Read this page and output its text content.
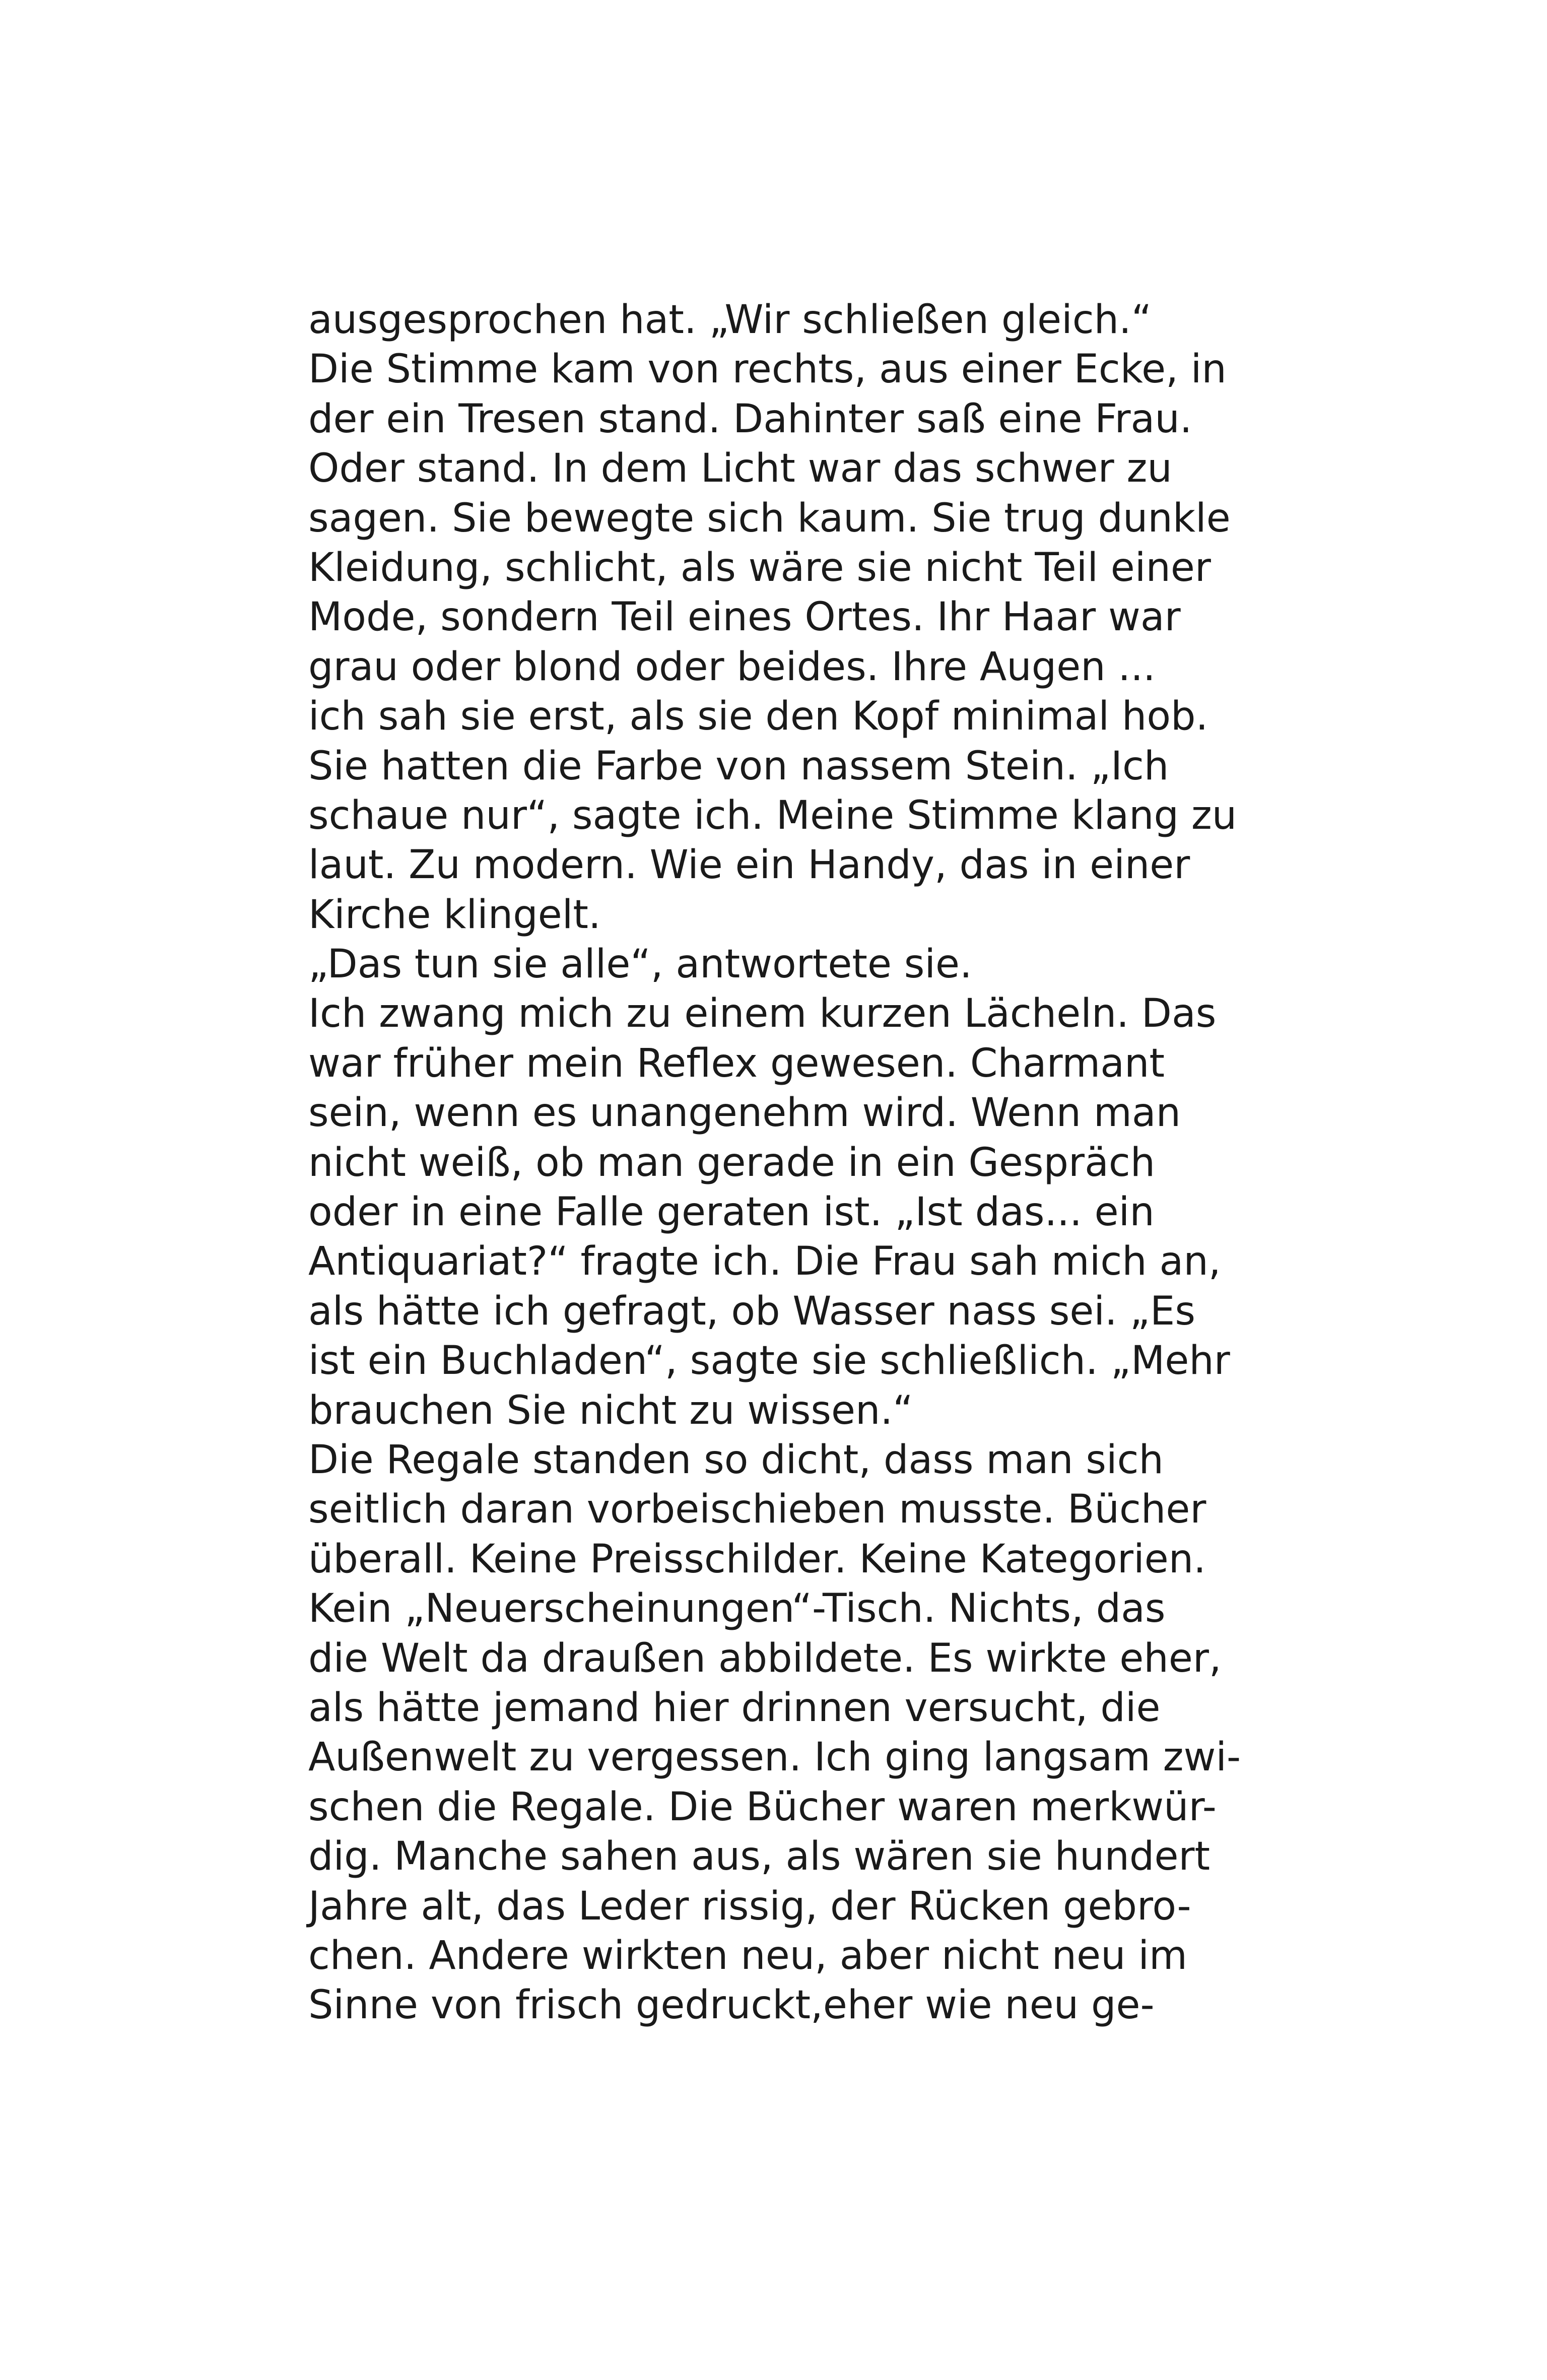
ausgesprochen hat. „Wir schließen gleich.“
Die Stimme kam von rechts, aus einer Ecke, in
der ein Tresen stand. Dahinter saß eine Frau.
Oder stand. In dem Licht war das schwer zu
sagen. Sie bewegte sich kaum. Sie trug dunkle
Kleidung, schlicht, als wäre sie nicht Teil einer
Mode, sondern Teil eines Ortes. Ihr Haar war
grau oder blond oder beides. Ihre Augen ...
ich sah sie erst, als sie den Kopf minimal hob.
Sie hatten die Farbe von nassem Stein. „Ich
schaue nur“, sagte ich. Meine Stimme klang zu
laut. Zu modern. Wie ein Handy, das in einer
Kirche klingelt.
„Das tun sie alle“, antwortete sie.
Ich zwang mich zu einem kurzen Lächeln. Das
war früher mein Reflex gewesen. Charmant
sein, wenn es unangenehm wird. Wenn man
nicht weiß, ob man gerade in ein Gespräch
oder in eine Falle geraten ist. „Ist das... ein
Antiquariat?“ fragte ich. Die Frau sah mich an,
als hätte ich gefragt, ob Wasser nass sei. „Es
ist ein Buchladen“, sagte sie schließlich. „Mehr
brauchen Sie nicht zu wissen.“
Die Regale standen so dicht, dass man sich
seitlich daran vorbeischieben musste. Bücher
überall. Keine Preisschilder. Keine Kategorien.
Kein „Neuerscheinungen“-Tisch. Nichts, das
die Welt da draußen abbildete. Es wirkte eher,
als hätte jemand hier drinnen versucht, die
Außenwelt zu vergessen. Ich ging langsam zwi-
schen die Regale. Die Bücher waren merkwür-
dig. Manche sahen aus, als wären sie hundert
Jahre alt, das Leder rissig, der Rücken gebro-
chen. Andere wirkten neu, aber nicht neu im
Sinne von frisch gedruckt,eher wie neu ge-
